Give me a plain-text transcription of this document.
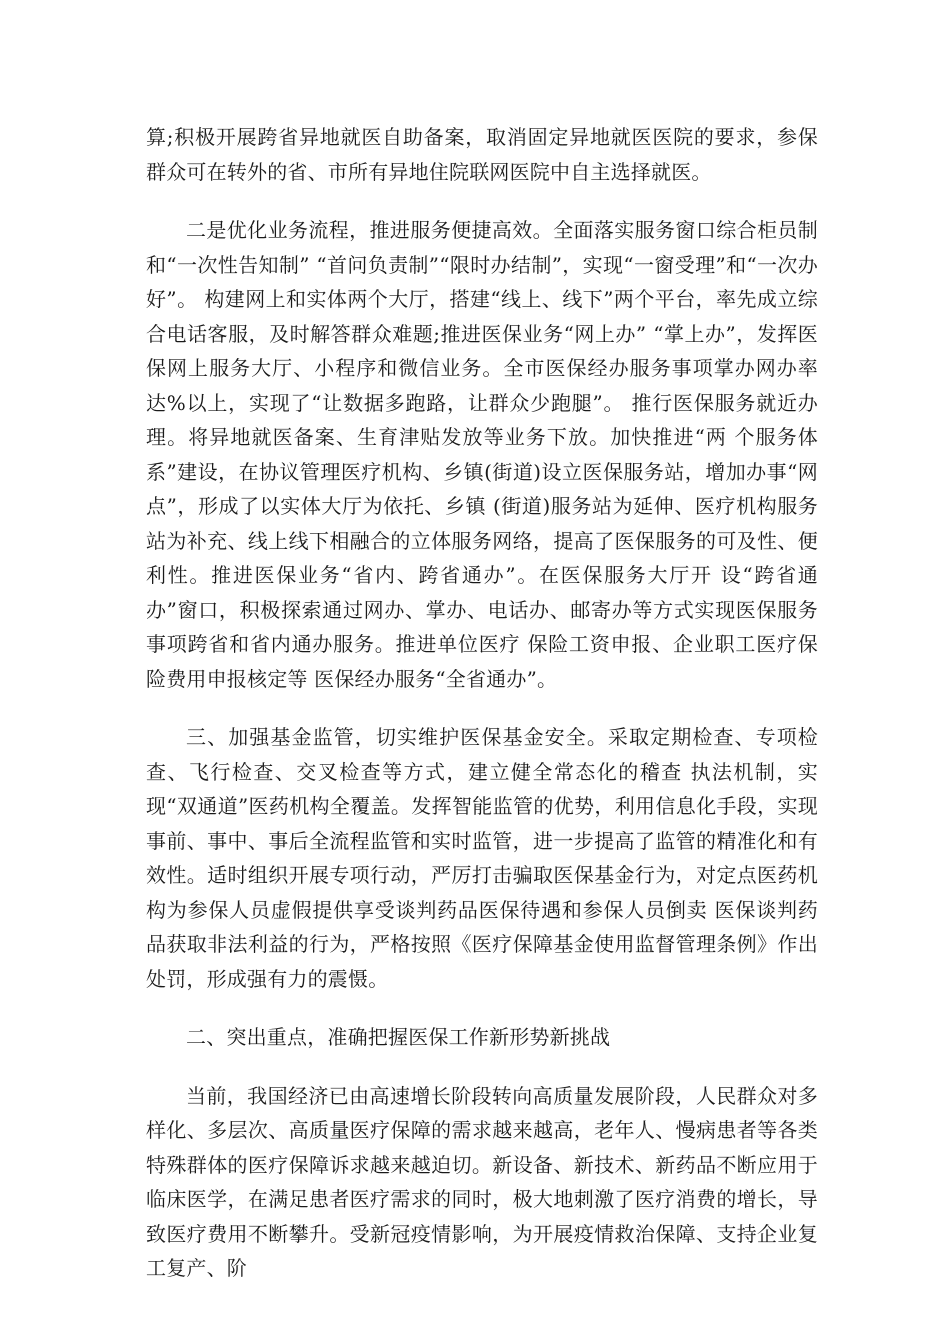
算;积极开展跨省异地就医自助备案，取消固定异地就医医院的要求，参保群众可在转外的省、市所有异地住院联网医院中自主选择就医。

二是优化业务流程，推进服务便捷高效。全面落实服务窗口综合柜员制和“一次性告知制” “首问负责制”“限时办结制”，实现“一窗受理”和“一次办好”。 构建网上和实体两个大厅，搭建“线上、线下”两个平台，率先成立综合电话客服，及时解答群众难题;推进医保业务“网上办” “掌上办”，发挥医保网上服务大厅、小程序和微信业务。全市医保经办服务事项掌办网办率达%以上，实现了“让数据多跑路，让群众少跑腿”。 推行医保服务就近办理。将异地就医备案、生育津贴发放等业务下放。加快推进“两 个服务体系”建设，在协议管理医疗机构、乡镇(街道)设立医保服务站，增加办事“网点”，形成了以实体大厅为依托、乡镇 (街道)服务站为延伸、医疗机构服务站为补充、线上线下相融合的立体服务网络，提高了医保服务的可及性、便利性。推进医保业务“省内、跨省通办”。在医保服务大厅开 设“跨省通办”窗口，积极探索通过网办、掌办、电话办、邮寄办等方式实现医保服务事项跨省和省内通办服务。推进单位医疗 保险工资申报、企业职工医疗保险费用申报核定等 医保经办服务“全省通办”。

三、加强基金监管，切实维护医保基金安全。采取定期检查、专项检查、飞行检查、交叉检查等方式，建立健全常态化的稽查 执法机制，实现“双通道”医药机构全覆盖。发挥智能监管的优势，利用信息化手段，实现事前、事中、事后全流程监管和实时监管，进一步提高了监管的精准化和有效性。适时组织开展专项行动，严厉打击骗取医保基金行为，对定点医药机构为参保人员虚假提供享受谈判药品医保待遇和参保人员倒卖 医保谈判药品获取非法利益的行为，严格按照《医疗保障基金使用监督管理条例》作出处罚，形成强有力的震慑。

二、突出重点，准确把握医保工作新形势新挑战

当前，我国经济已由高速增长阶段转向高质量发展阶段，人民群众对多样化、多层次、高质量医疗保障的需求越来越高，老年人、慢病患者等各类特殊群体的医疗保障诉求越来越迫切。新设备、新技术、新药品不断应用于临床医学，在满足患者医疗需求的同时，极大地刺激了医疗消费的增长，导致医疗费用不断攀升。受新冠疫情影响，为开展疫情救治保障、支持企业复工复产、阶
